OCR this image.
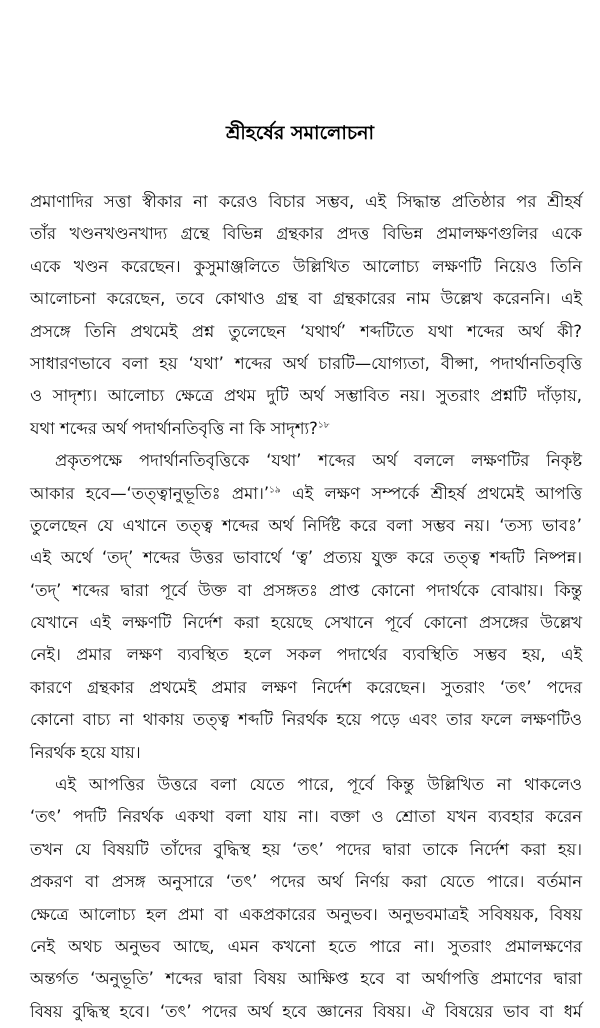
শ্রীহর্ষের সমালোচনা
প্রমাণাদির সত্তা স্বীকার না করেও বিচার সম্ভব, এই সিদ্ধান্ত প্রতিষ্ঠার পর শ্রীহর্ষ
তাঁর খণ্ডনখণ্ডনখাদ্য গ্রন্থে বিভিন্ন গ্রন্থকার প্রদত্ত বিভিন্ন প্রমালক্ষণগুলির একে
একে খণ্ডন করেছেন। কুসুমাঞ্জলিতে উল্লিখিত আলোচ্য লক্ষণটি নিয়েও তিনি
আলোচনা করেছেন, তবে কোথাও গ্রন্থ বা গ্রন্থকারের নাম উল্লেখ করেননি। এই
প্রসঙ্গে তিনি প্রথমেই প্রশ্ন তুলেছেন ‘যথার্থ’ শব্দটিতে যথা শব্দের অর্থ কী?
সাধারণভাবে বলা হয় ‘যথা’ শব্দের অর্থ চারটি—যোগ্যতা, বীপ্সা, পদার্থানতিবৃত্তি
ও সাদৃশ্য। আলোচ্য ক্ষেত্রে প্রথম দুটি অর্থ সম্ভাবিত নয়। সুতরাং প্রশ্নটি দাঁড়ায়,
যথা শব্দের অর্থ পদার্থানতিবৃত্তি না কি সাদৃশ্য?$^{১৮}$
প্রকৃতপক্ষে পদার্থানতিবৃত্তিকে ‘যথা’ শব্দের অর্থ বললে লক্ষণটির নিকৃষ্ট
আকার হবে—‘তত্ত্বানুভূতিঃ প্রমা।’$^{১৯}$ এই লক্ষণ সম্পর্কে শ্রীহর্ষ প্রথমেই আপত্তি
তুলেছেন যে এখানে তত্ত্ব শব্দের অর্থ নির্দিষ্ট করে বলা সম্ভব নয়। ‘তস্য ভাবঃ’
এই অর্থে ‘তদ্’ শব্দের উত্তর ভাবার্থে ‘ত্ব’ প্রত্যয় যুক্ত করে তত্ত্ব শব্দটি নিষ্পন্ন।
‘তদ্’ শব্দের দ্বারা পূর্বে উক্ত বা প্রসঙ্গতঃ প্রাপ্ত কোনো পদার্থকে বোঝায়। কিন্তু
যেখানে এই লক্ষণটি নির্দেশ করা হয়েছে সেখানে পূর্বে কোনো প্রসঙ্গের উল্লেখ
নেই। প্রমার লক্ষণ ব্যবস্থিত হলে সকল পদার্থের ব্যবস্থিতি সম্ভব হয়, এই
কারণে গ্রন্থকার প্রথমেই প্রমার লক্ষণ নির্দেশ করেছেন। সুতরাং ‘তৎ’ পদের
কোনো বাচ্য না থাকায় তত্ত্ব শব্দটি নিরর্থক হয়ে পড়ে এবং তার ফলে লক্ষণটিও
নিরর্থক হয়ে যায়।
এই আপত্তির উত্তরে বলা যেতে পারে, পূর্বে কিন্তু উল্লিখিত না থাকলেও
‘তৎ’ পদটি নিরর্থক একথা বলা যায় না। বক্তা ও শ্রোতা যখন ব্যবহার করেন
তখন যে বিষয়টি তাঁদের বুদ্ধিস্থ হয় ‘তৎ’ পদের দ্বারা তাকে নির্দেশ করা হয়।
প্রকরণ বা প্রসঙ্গ অনুসারে ‘তৎ’ পদের অর্থ নির্ণয় করা যেতে পারে। বর্তমান
ক্ষেত্রে আলোচ্য হল প্রমা বা একপ্রকারের অনুভব। অনুভবমাত্রই সবিষয়ক, বিষয়
নেই অথচ অনুভব আছে, এমন কখনো হতে পারে না। সুতরাং প্রমালক্ষণের
অন্তর্গত ‘অনুভূতি’ শব্দের দ্বারা বিষয় আক্ষিপ্ত হবে বা অর্থাপত্তি প্রমাণের দ্বারা
বিষয় বুদ্ধিস্থ হবে। ‘তৎ’ পদের অর্থ হবে জ্ঞানের বিষয়। ঐ বিষয়ের ভাব বা ধর্ম
